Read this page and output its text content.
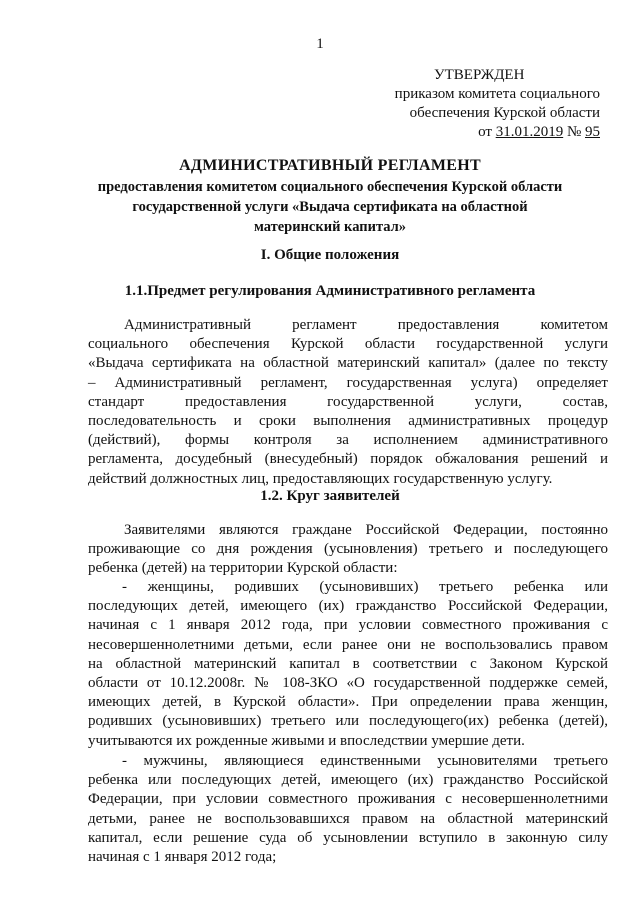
1
УТВЕРЖДЕН
приказом комитета социального
обеспечения Курской области
от 31.01.2019 № 95
АДМИНИСТРАТИВНЫЙ РЕГЛАМЕНТ
предоставления комитетом социального обеспечения Курской области
государственной услуги «Выдача сертификата на областной
материнский капитал»
I. Общие положения
1.1.Предмет регулирования Административного регламента
Административный регламент предоставления комитетом
социального обеспечения Курской области государственной услуги
«Выдача сертификата на областной материнский капитал» (далее по тексту
– Административный регламент, государственная услуга) определяет
стандарт предоставления государственной услуги, состав,
последовательность и сроки выполнения административных процедур
(действий), формы контроля за исполнением административного
регламента, досудебный (внесудебный) порядок обжалования решений и
действий должностных лиц, предоставляющих государственную услугу.
1.2. Круг заявителей
Заявителями являются граждане Российской Федерации, постоянно
проживающие со дня рождения (усыновления) третьего и последующего
ребенка (детей) на территории Курской области:
- женщины, родивших (усыновивших) третьего ребенка или
последующих детей, имеющего (их) гражданство Российской Федерации,
начиная с 1 января 2012 года, при условии совместного проживания с
несовершеннолетними детьми, если ранее они не воспользовались правом
на областной материнский капитал в соответствии с Законом Курской
области от 10.12.2008г. № 108-ЗКО «О государственной поддержке семей,
имеющих детей, в Курской области». При определении права женщин,
родивших (усыновивших) третьего или последующего(их) ребенка (детей),
учитываются их рожденные живыми и впоследствии умершие дети.
- мужчины, являющиеся единственными усыновителями третьего
ребенка или последующих детей, имеющего (их) гражданство Российской
Федерации, при условии совместного проживания с несовершеннолетними
детьми, ранее не воспользовавшихся правом на областной материнский
капитал, если решение суда об усыновлении вступило в законную силу
начиная с 1 января 2012 года;
